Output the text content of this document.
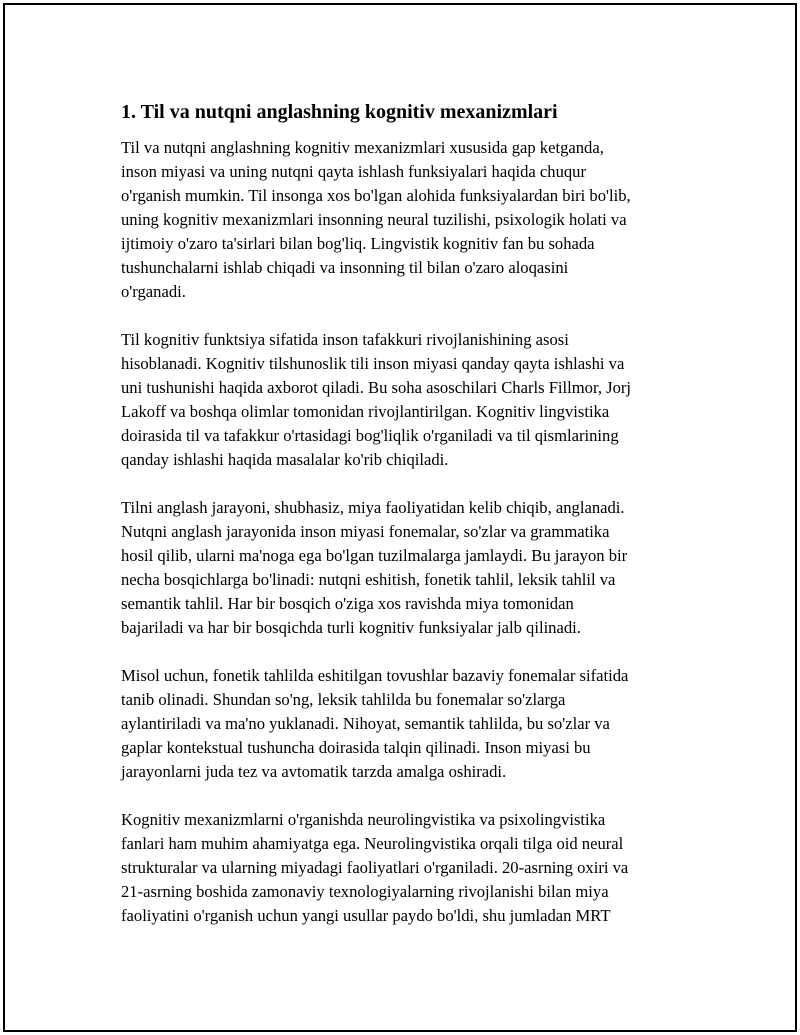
1. Til va nutqni anglashning kognitiv mexanizmlari

Til va nutqni anglashning kognitiv mexanizmlari xususida gap ketganda,
inson miyasi va uning nutqni qayta ishlash funksiyalari haqida chuqur
o'rganish mumkin. Til insonga xos bo'lgan alohida funksiyalardan biri bo'lib,
uning kognitiv mexanizmlari insonning neural tuzilishi, psixologik holati va
ijtimoiy o'zaro ta'sirlari bilan bog'liq. Lingvistik kognitiv fan bu sohada
tushunchalarni ishlab chiqadi va insonning til bilan o'zaro aloqasini
o'rganadi.

Til kognitiv funktsiya sifatida inson tafakkuri rivojlanishining asosi
hisoblanadi. Kognitiv tilshunoslik tili inson miyasi qanday qayta ishlashi va
uni tushunishi haqida axborot qiladi. Bu soha asoschilari Charls Fillmor, Jorj
Lakoff va boshqa olimlar tomonidan rivojlantirilgan. Kognitiv lingvistika
doirasida til va tafakkur o'rtasidagi bog'liqlik o'rganiladi va til qismlarining
qanday ishlashi haqida masalalar ko'rib chiqiladi.

Tilni anglash jarayoni, shubhasiz, miya faoliyatidan kelib chiqib, anglanadi.
Nutqni anglash jarayonida inson miyasi fonemalar, so'zlar va grammatika
hosil qilib, ularni ma'noga ega bo'lgan tuzilmalarga jamlaydi. Bu jarayon bir
necha bosqichlarga bo'linadi: nutqni eshitish, fonetik tahlil, leksik tahlil va
semantik tahlil. Har bir bosqich o'ziga xos ravishda miya tomonidan
bajariladi va har bir bosqichda turli kognitiv funksiyalar jalb qilinadi.

Misol uchun, fonetik tahlilda eshitilgan tovushlar bazaviy fonemalar sifatida
tanib olinadi. Shundan so'ng, leksik tahlilda bu fonemalar so'zlarga
aylantiriladi va ma'no yuklanadi. Nihoyat, semantik tahlilda, bu so'zlar va
gaplar kontekstual tushuncha doirasida talqin qilinadi. Inson miyasi bu
jarayonlarni juda tez va avtomatik tarzda amalga oshiradi.

Kognitiv mexanizmlarni o'rganishda neurolingvistika va psixolingvistika
fanlari ham muhim ahamiyatga ega. Neurolingvistika orqali tilga oid neural
strukturalar va ularning miyadagi faoliyatlari o'rganiladi. 20-asrning oxiri va
21-asrning boshida zamonaviy texnologiyalarning rivojlanishi bilan miya
faoliyatini o'rganish uchun yangi usullar paydo bo'ldi, shu jumladan MRT
